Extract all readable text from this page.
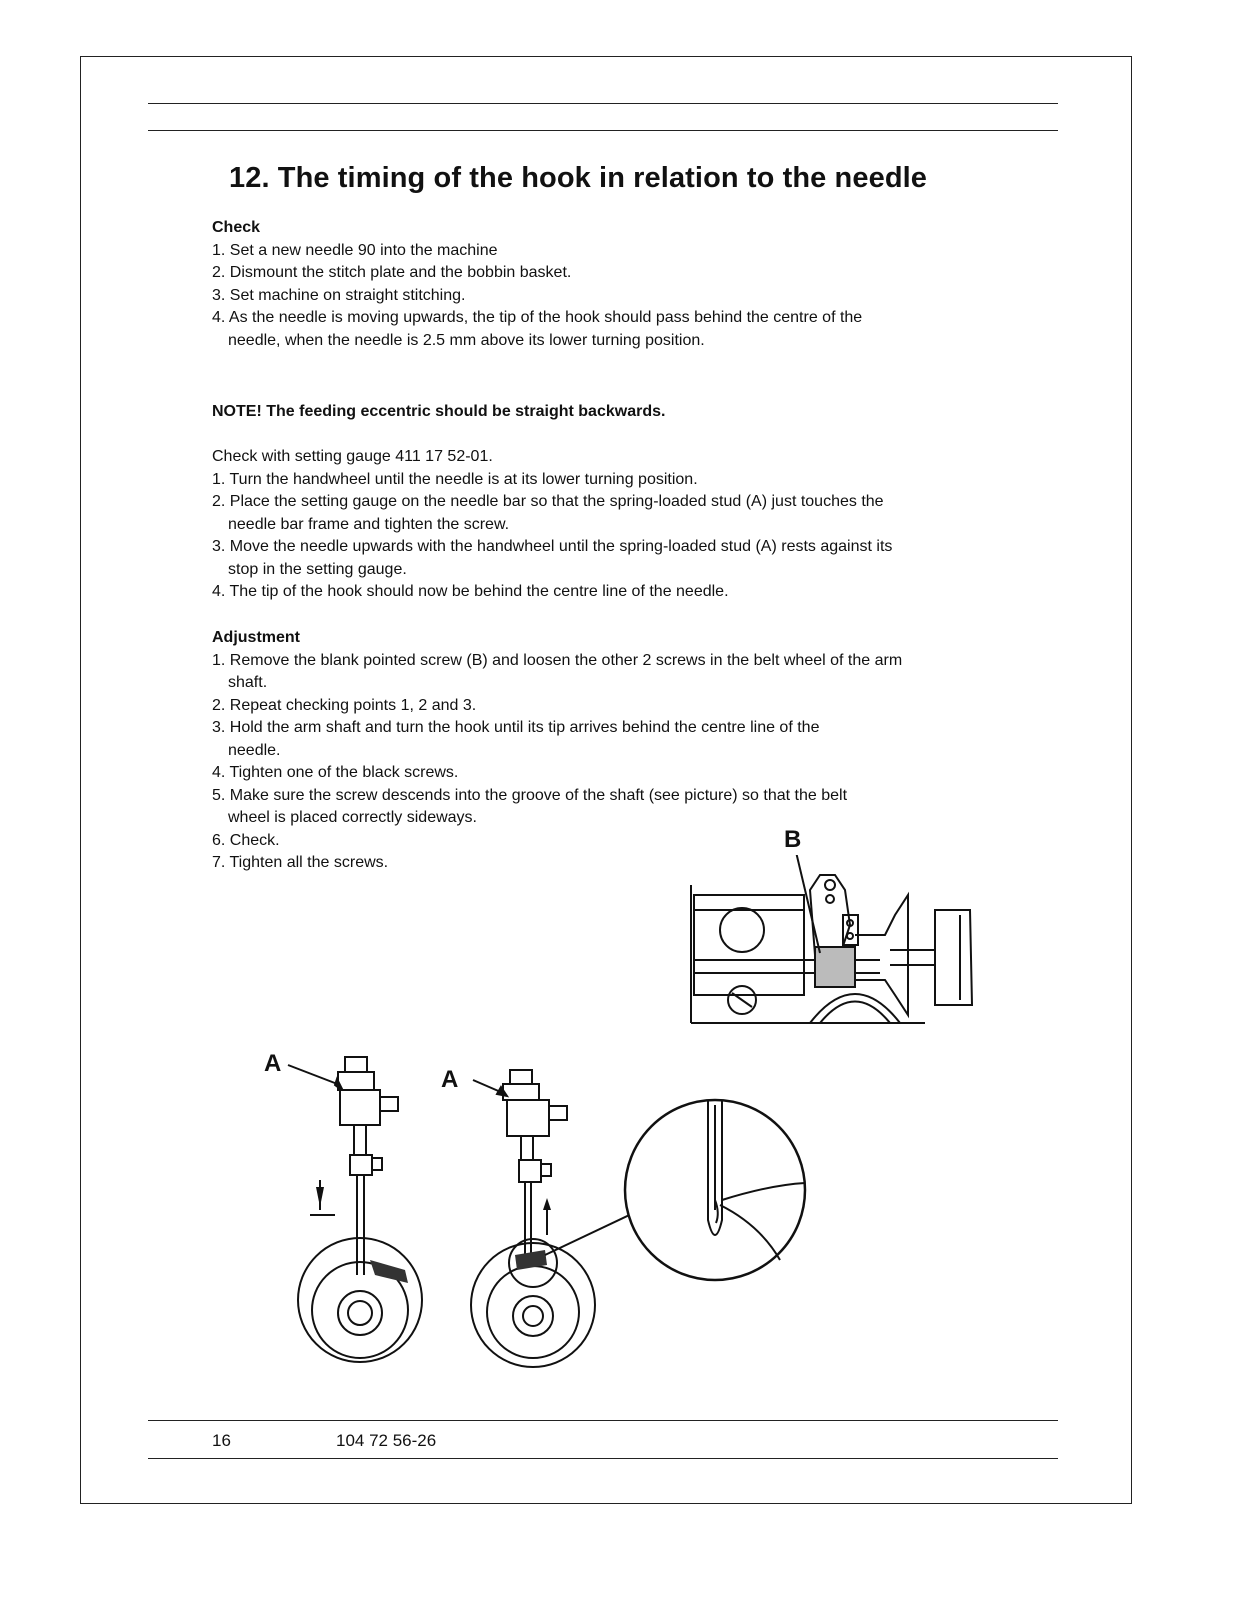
12. The timing of the hook in relation to the needle
Check
1. Set a new needle 90 into the machine
2. Dismount the stitch plate and the bobbin basket.
3. Set machine on straight stitching.
4. As the needle is moving upwards, the tip of the hook should pass behind the centre of the needle, when the needle is 2.5 mm above its lower turning position.
NOTE! The feeding eccentric should be straight backwards.
Check with setting gauge 411 17 52-01.
1. Turn the handwheel until the needle is at its lower turning position.
2. Place the setting gauge on the needle bar so that the spring-loaded stud (A) just touches the needle bar frame and tighten the screw.
3. Move the needle upwards with the handwheel until the spring-loaded stud (A) rests against its stop in the setting gauge.
4. The tip of the hook should now be behind the centre line of the needle.
Adjustment
1. Remove the blank pointed screw (B) and loosen the other 2 screws in the belt wheel of the arm shaft.
2. Repeat checking points 1, 2 and 3.
3. Hold the arm shaft and turn the hook until its tip arrives behind the centre line of the needle.
4. Tighten one of the black screws.
5. Make sure the screw descends into the groove of the shaft (see picture) so that the belt wheel is placed correctly sideways.
6. Check.
7. Tighten all the screws.
B
A
A
16	104 72 56-26
